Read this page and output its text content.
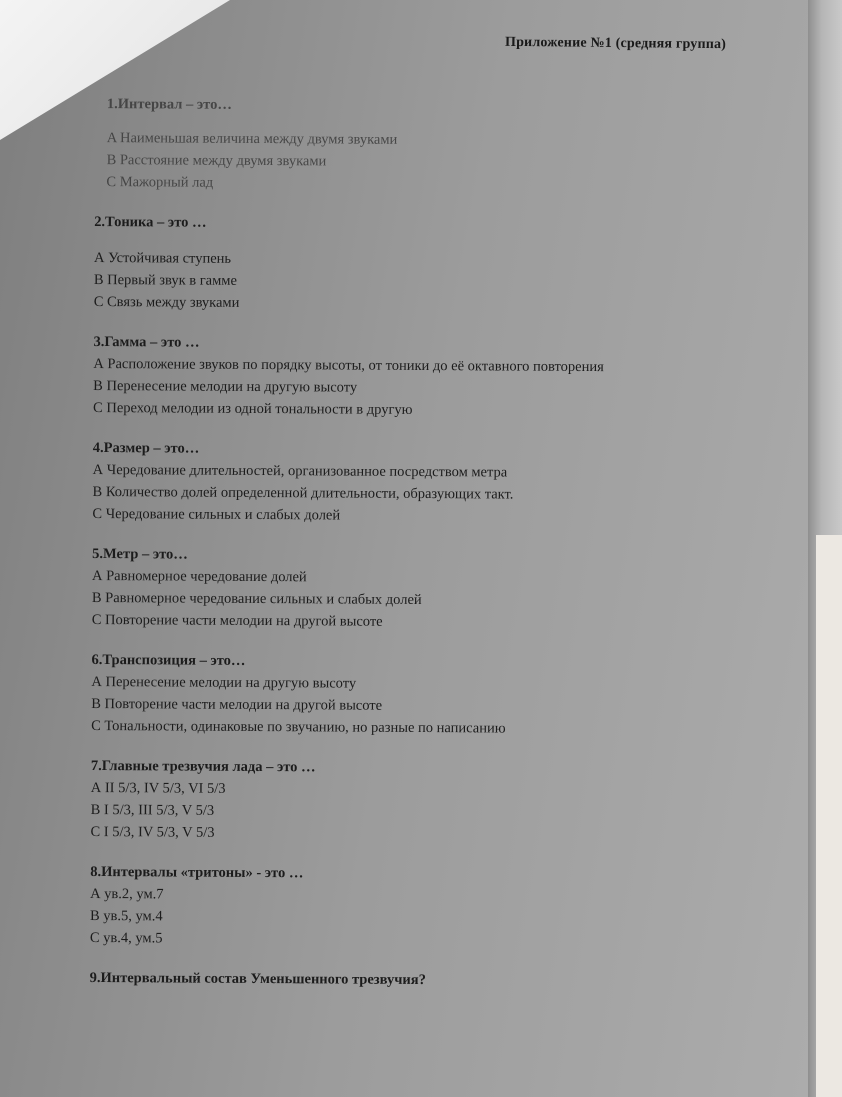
Приложение №1 (средняя группа)
1.Интервал – это…
A Наименьшая величина между двумя звуками
В Расстояние между двумя звуками
С Мажорный лад
2.Тоника – это …
А Устойчивая ступень
В Первый звук в гамме
С Связь между звуками
3.Гамма – это …
А Расположение звуков по порядку высоты, от тоники до её октавного повторения
В Перенесение мелодии на другую высоту
С Переход мелодии из одной тональности в другую
4.Размер – это…
А Чередование длительностей, организованное посредством метра
В Количество долей определенной длительности, образующих такт.
С Чередование сильных и слабых долей
5.Метр – это…
А Равномерное чередование долей
В Равномерное чередование сильных и слабых долей
С Повторение части мелодии на другой высоте
6.Транспозиция – это…
А Перенесение мелодии на другую высоту
В Повторение части мелодии на другой высоте
С Тональности, одинаковые по звучанию, но разные по написанию
7.Главные трезвучия лада – это …
А II 5/3, IV 5/3, VI 5/3
В I 5/3, III 5/3, V 5/3
С I 5/3, IV 5/3, V 5/3
8.Интервалы «тритоны» - это …
А ув.2, ум.7
В ув.5, ум.4
С ув.4, ум.5
9.Интервальный состав Уменьшенного трезвучия?
